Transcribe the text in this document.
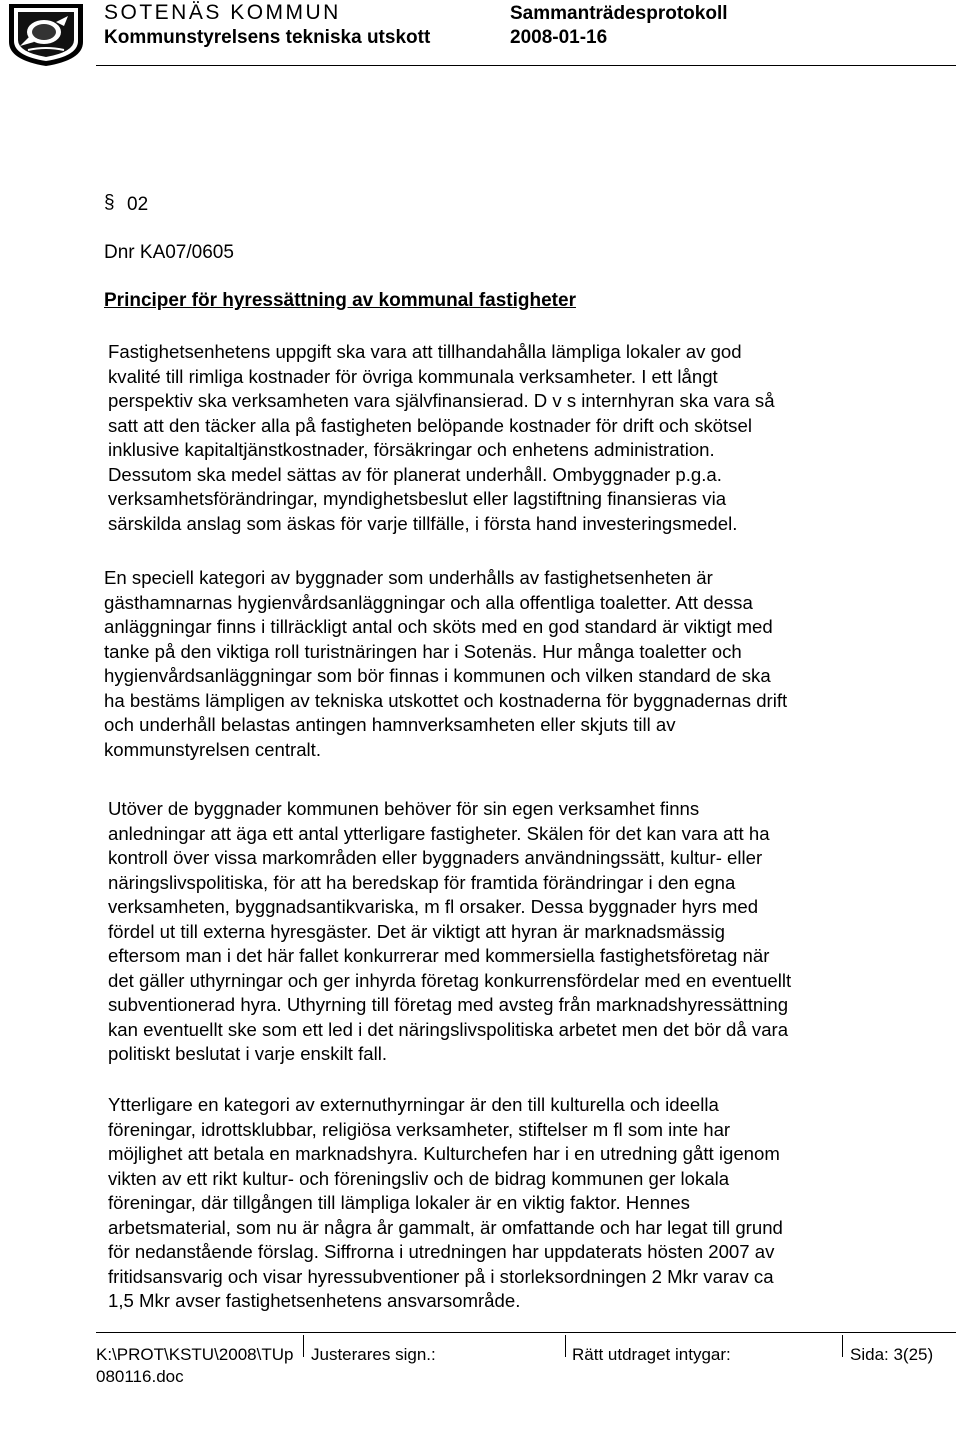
SOTENÄS KOMMUN
Kommunstyrelsens tekniska utskott
Sammanträdesprotokoll
2008-01-16
§ 02
Dnr KA07/0605
Principer för hyressättning av kommunal fastigheter

Fastighetsenhetens uppgift ska vara att tillhandahålla lämpliga lokaler av god
kvalité till rimliga kostnader för övriga kommunala verksamheter. I ett långt
perspektiv ska verksamheten vara självfinansierad. D v s internhyran ska vara så
satt att den täcker alla på fastigheten belöpande kostnader för drift och skötsel
inklusive kapitaltjänstkostnader, försäkringar och enhetens administration.
Dessutom ska medel sättas av för planerat underhåll. Ombyggnader p.g.a.
verksamhetsförändringar, myndighetsbeslut eller lagstiftning finansieras via
särskilda anslag som äskas för varje tillfälle, i första hand investeringsmedel.

En speciell kategori av byggnader som underhålls av fastighetsenheten är
gästhamnarnas hygienvårdsanläggningar och alla offentliga toaletter. Att dessa
anläggningar finns i tillräckligt antal och sköts med en god standard är viktigt med
tanke på den viktiga roll turistnäringen har i Sotenäs. Hur många toaletter och
hygienvårdsanläggningar som bör finnas i kommunen och vilken standard de ska
ha bestäms lämpligen av tekniska utskottet och kostnaderna för byggnadernas drift
och underhåll belastas antingen hamnverksamheten eller skjuts till av
kommunstyrelsen centralt.

Utöver de byggnader kommunen behöver för sin egen verksamhet finns
anledningar att äga ett antal ytterligare fastigheter. Skälen för det kan vara att ha
kontroll över vissa markområden eller byggnaders användningssätt, kultur- eller
näringslivspolitiska, för att ha beredskap för framtida förändringar i den egna
verksamheten, byggnadsantikvariska, m fl orsaker. Dessa byggnader hyrs med
fördel ut till externa hyresgäster. Det är viktigt att hyran är marknadsmässig
eftersom man i det här fallet konkurrerar med kommersiella fastighetsföretag när
det gäller uthyrningar och ger inhyrda företag konkurrensfördelar med en eventuellt
subventionerad hyra. Uthyrning till företag med avsteg från marknadshyressättning
kan eventuellt ske som ett led i det näringslivspolitiska arbetet men det bör då vara
politiskt beslutat i varje enskilt fall.

Ytterligare en kategori av externuthyrningar är den till kulturella och ideella
föreningar, idrottsklubbar, religiösa verksamheter, stiftelser m fl som inte har
möjlighet att betala en marknadshyra. Kulturchefen har i en utredning gått igenom
vikten av ett rikt kultur- och föreningsliv och de bidrag kommunen ger lokala
föreningar, där tillgången till lämpliga lokaler är en viktig faktor. Hennes
arbetsmaterial, som nu är några år gammalt, är omfattande och har legat till grund
för nedanstående förslag. Siffrorna i utredningen har uppdaterats hösten 2007 av
fritidsansvarig och visar hyressubventioner på i storleksordningen 2 Mkr varav ca
1,5 Mkr avser fastighetsenhetens ansvarsområde.

K:\PROT\KSTU\2008\TUp080116.doc
Justerares sign.:	Rätt utdraget intygar:	Sida: 3(25)
